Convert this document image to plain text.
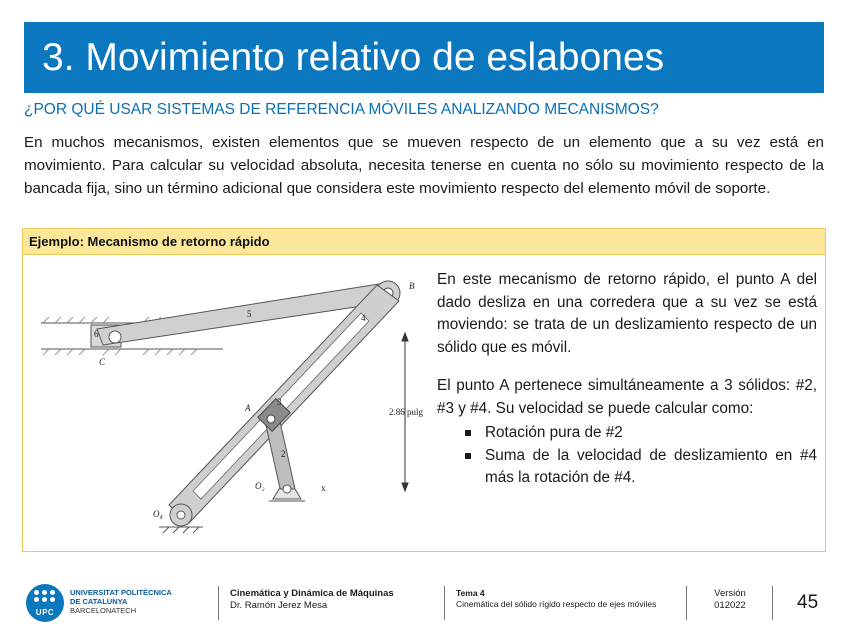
3. Movimiento relativo de eslabones
¿POR QUÉ USAR SISTEMAS DE REFERENCIA MÓVILES ANALIZANDO MECANISMOS?

En muchos mecanismos, existen elementos que se mueven respecto de un elemento que a su vez está en movimiento. Para calcular su velocidad absoluta, necesita tenerse en cuenta no sólo su movimiento respecto de la bancada fija, sino un término adicional que considera este movimiento respecto del elemento móvil de soporte.

Ejemplo: Mecanismo de retorno rápido
2.86 pulg
A
B
C
O₂
O₄
6
5	4
2
3
x

En este mecanismo de retorno rápido, el punto A del dado desliza en una corredera que a su vez se está moviendo: se trata de un deslizamiento respecto de un sólido que es móvil.

El punto A pertenece simultáneamente a 3 sólidos: #2, #3 y #4. Su velocidad se puede calcular como:

Rotación pura de #2
Suma de la velocidad de deslizamiento en #4 más la rotación de #4.
UPC
UNIVERSITAT POLITÈCNICA
DE CATALUNYA
BARCELONATECH
Cinemática y Dinámica de Máquinas
Dr. Ramón Jerez Mesa
Tema 4
Cinemática del sólido rígido respecto de ejes móviles
Versión
012022	45
